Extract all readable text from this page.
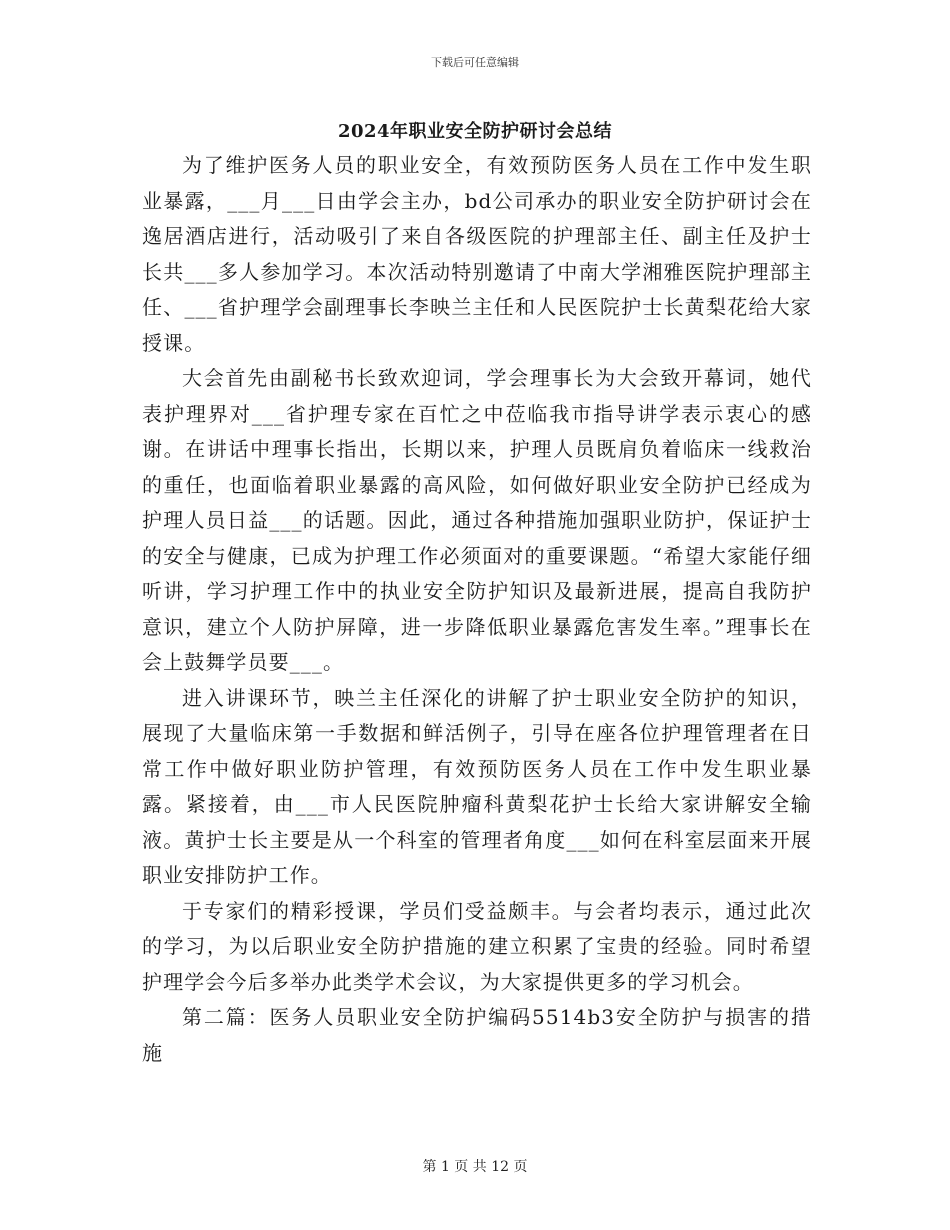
下载后可任意编辑
2024年职业安全防护研讨会总结

为了维护医务人员的职业安全，有效预防医务人员在工作中发生职业暴露，___月___日由学会主办，bd公司承办的职业安全防护研讨会在逸居酒店进行，活动吸引了来自各级医院的护理部主任、副主任及护士长共___多人参加学习。本次活动特别邀请了中南大学湘雅医院护理部主任、___省护理学会副理事长李映兰主任和人民医院护士长黄梨花给大家授课。

大会首先由副秘书长致欢迎词，学会理事长为大会致开幕词，她代表护理界对___省护理专家在百忙之中莅临我市指导讲学表示衷心的感谢。在讲话中理事长指出，长期以来，护理人员既肩负着临床一线救治的重任，也面临着职业暴露的高风险，如何做好职业安全防护已经成为护理人员日益___的话题。因此，通过各种措施加强职业防护，保证护士的安全与健康，已成为护理工作必须面对的重要课题。“希望大家能仔细听讲，学习护理工作中的执业安全防护知识及最新进展，提高自我防护意识，建立个人防护屏障，进一步降低职业暴露危害发生率。”理事长在会上鼓舞学员要___。

进入讲课环节，映兰主任深化的讲解了护士职业安全防护的知识，展现了大量临床第一手数据和鲜活例子，引导在座各位护理管理者在日常工作中做好职业防护管理，有效预防医务人员在工作中发生职业暴露。紧接着，由___市人民医院肿瘤科黄梨花护士长给大家讲解安全输液。黄护士长主要是从一个科室的管理者角度___如何在科室层面来开展职业安排防护工作。

于专家们的精彩授课，学员们受益颇丰。与会者均表示，通过此次的学习，为以后职业安全防护措施的建立积累了宝贵的经验。同时希望护理学会今后多举办此类学术会议，为大家提供更多的学习机会。

第二篇：医务人员职业安全防护编码5514b3安全防护与损害的措施

第 1 页 共 12 页
